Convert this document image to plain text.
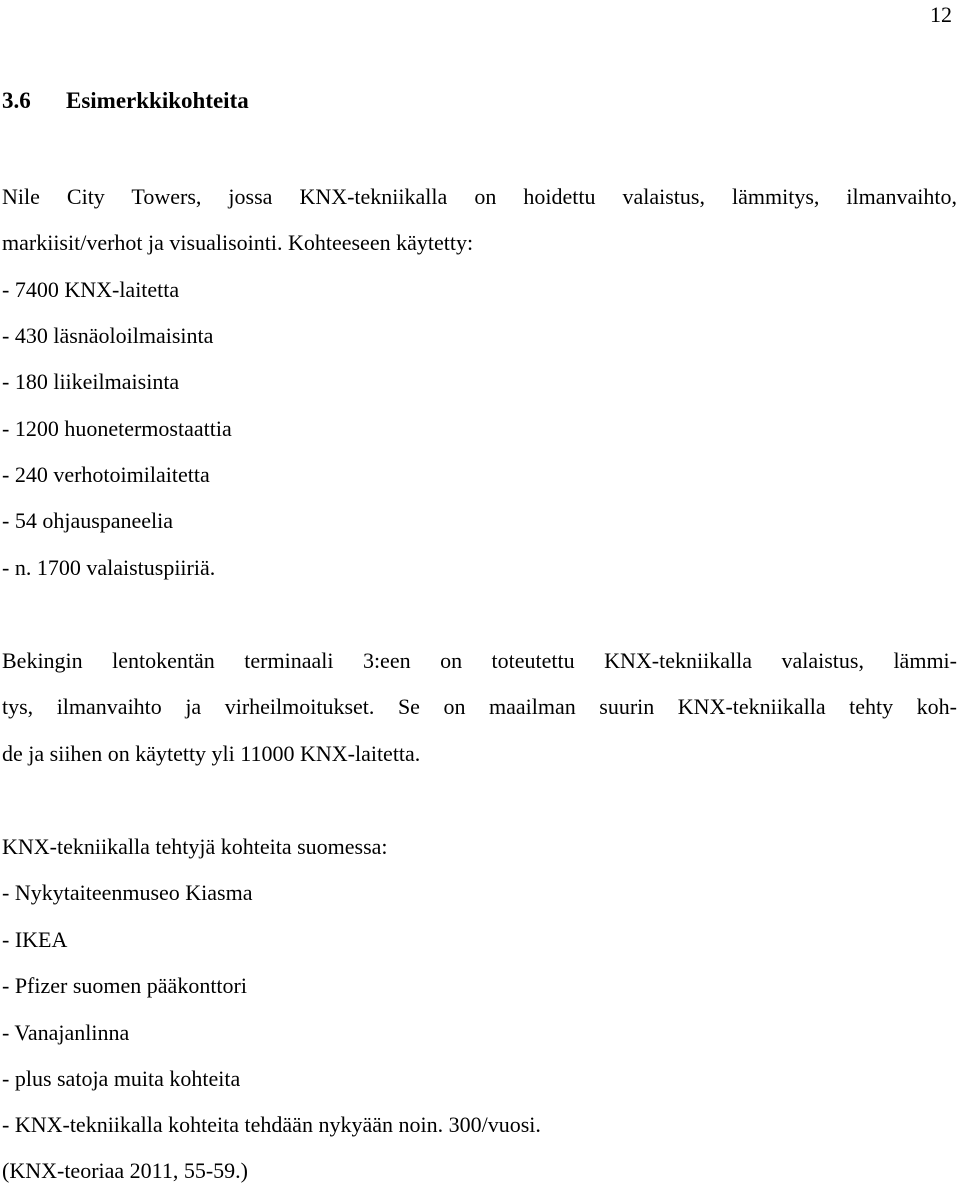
12
3.6 Esimerkkikohteita
Nile City Towers, jossa KNX-tekniikalla on hoidettu valaistus, lämmitys, ilmanvaihto,
markiisit/verhot ja visualisointi. Kohteeseen käytetty:
- 7400 KNX-laitetta
- 430 läsnäoloilmaisinta
- 180 liikeilmaisinta
- 1200 huonetermostaattia
- 240 verhotoimilaitetta
- 54 ohjauspaneelia
- n. 1700 valaistuspiiriä.
Bekingin lentokentän terminaali 3:een on toteutettu KNX-tekniikalla valaistus, lämmi-
tys, ilmanvaihto ja virheilmoitukset. Se on maailman suurin KNX-tekniikalla tehty koh-
de ja siihen on käytetty yli 11000 KNX-laitetta.
KNX-tekniikalla tehtyjä kohteita suomessa:
- Nykytaiteenmuseo Kiasma
- IKEA
- Pfizer suomen pääkonttori
- Vanajanlinna
- plus satoja muita kohteita
- KNX-tekniikalla kohteita tehdään nykyään noin. 300/vuosi.
(KNX-teoriaa 2011, 55-59.)
